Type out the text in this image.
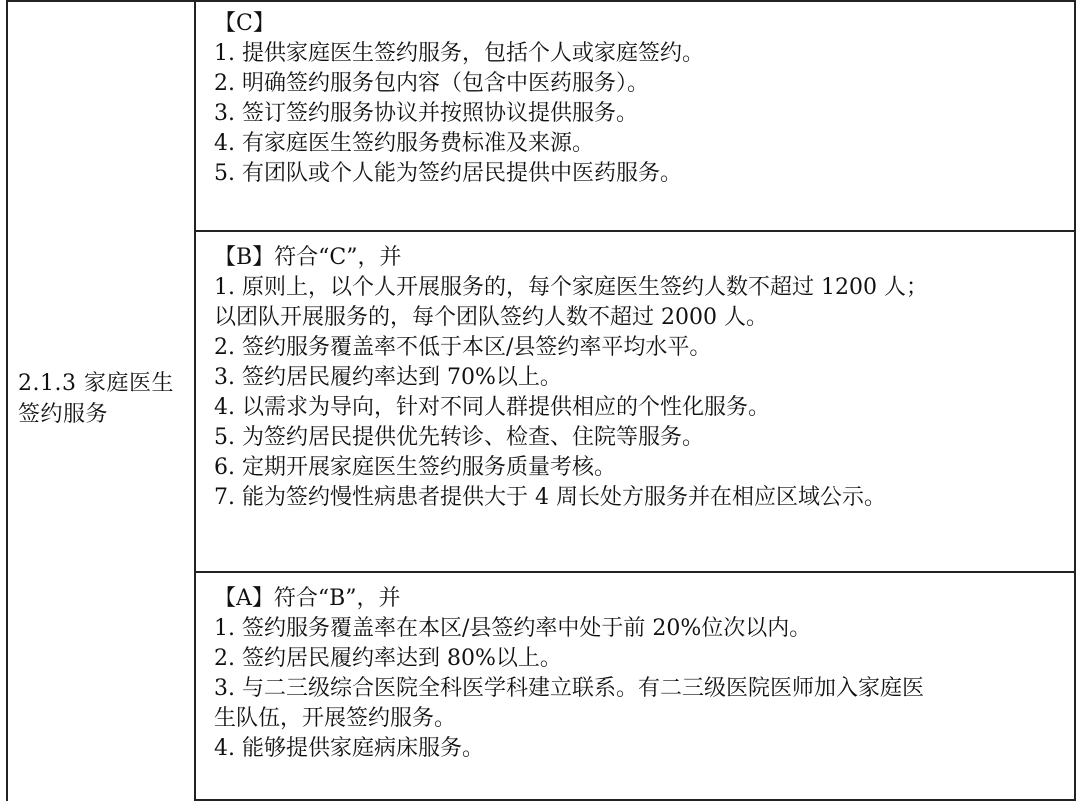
2.1.3 家庭医生签约服务
【C】
1. 提供家庭医生签约服务，包括个人或家庭签约。
2. 明确签约服务包内容（包含中医药服务）。
3. 签订签约服务协议并按照协议提供服务。
4. 有家庭医生签约服务费标准及来源。
5. 有团队或个人能为签约居民提供中医药服务。
【B】符合“C”，并
1. 原则上，以个人开展服务的，每个家庭医生签约人数不超过 1200 人；
以团队开展服务的，每个团队签约人数不超过 2000 人。
2. 签约服务覆盖率不低于本区/县签约率平均水平。
3. 签约居民履约率达到 70%以上。
4. 以需求为导向，针对不同人群提供相应的个性化服务。
5. 为签约居民提供优先转诊、检查、住院等服务。
6. 定期开展家庭医生签约服务质量考核。
7. 能为签约慢性病患者提供大于 4 周长处方服务并在相应区域公示。
【A】符合“B”，并
1. 签约服务覆盖率在本区/县签约率中处于前 20%位次以内。
2. 签约居民履约率达到 80%以上。
3. 与二三级综合医院全科医学科建立联系。有二三级医院医师加入家庭医
生队伍，开展签约服务。
4. 能够提供家庭病床服务。
